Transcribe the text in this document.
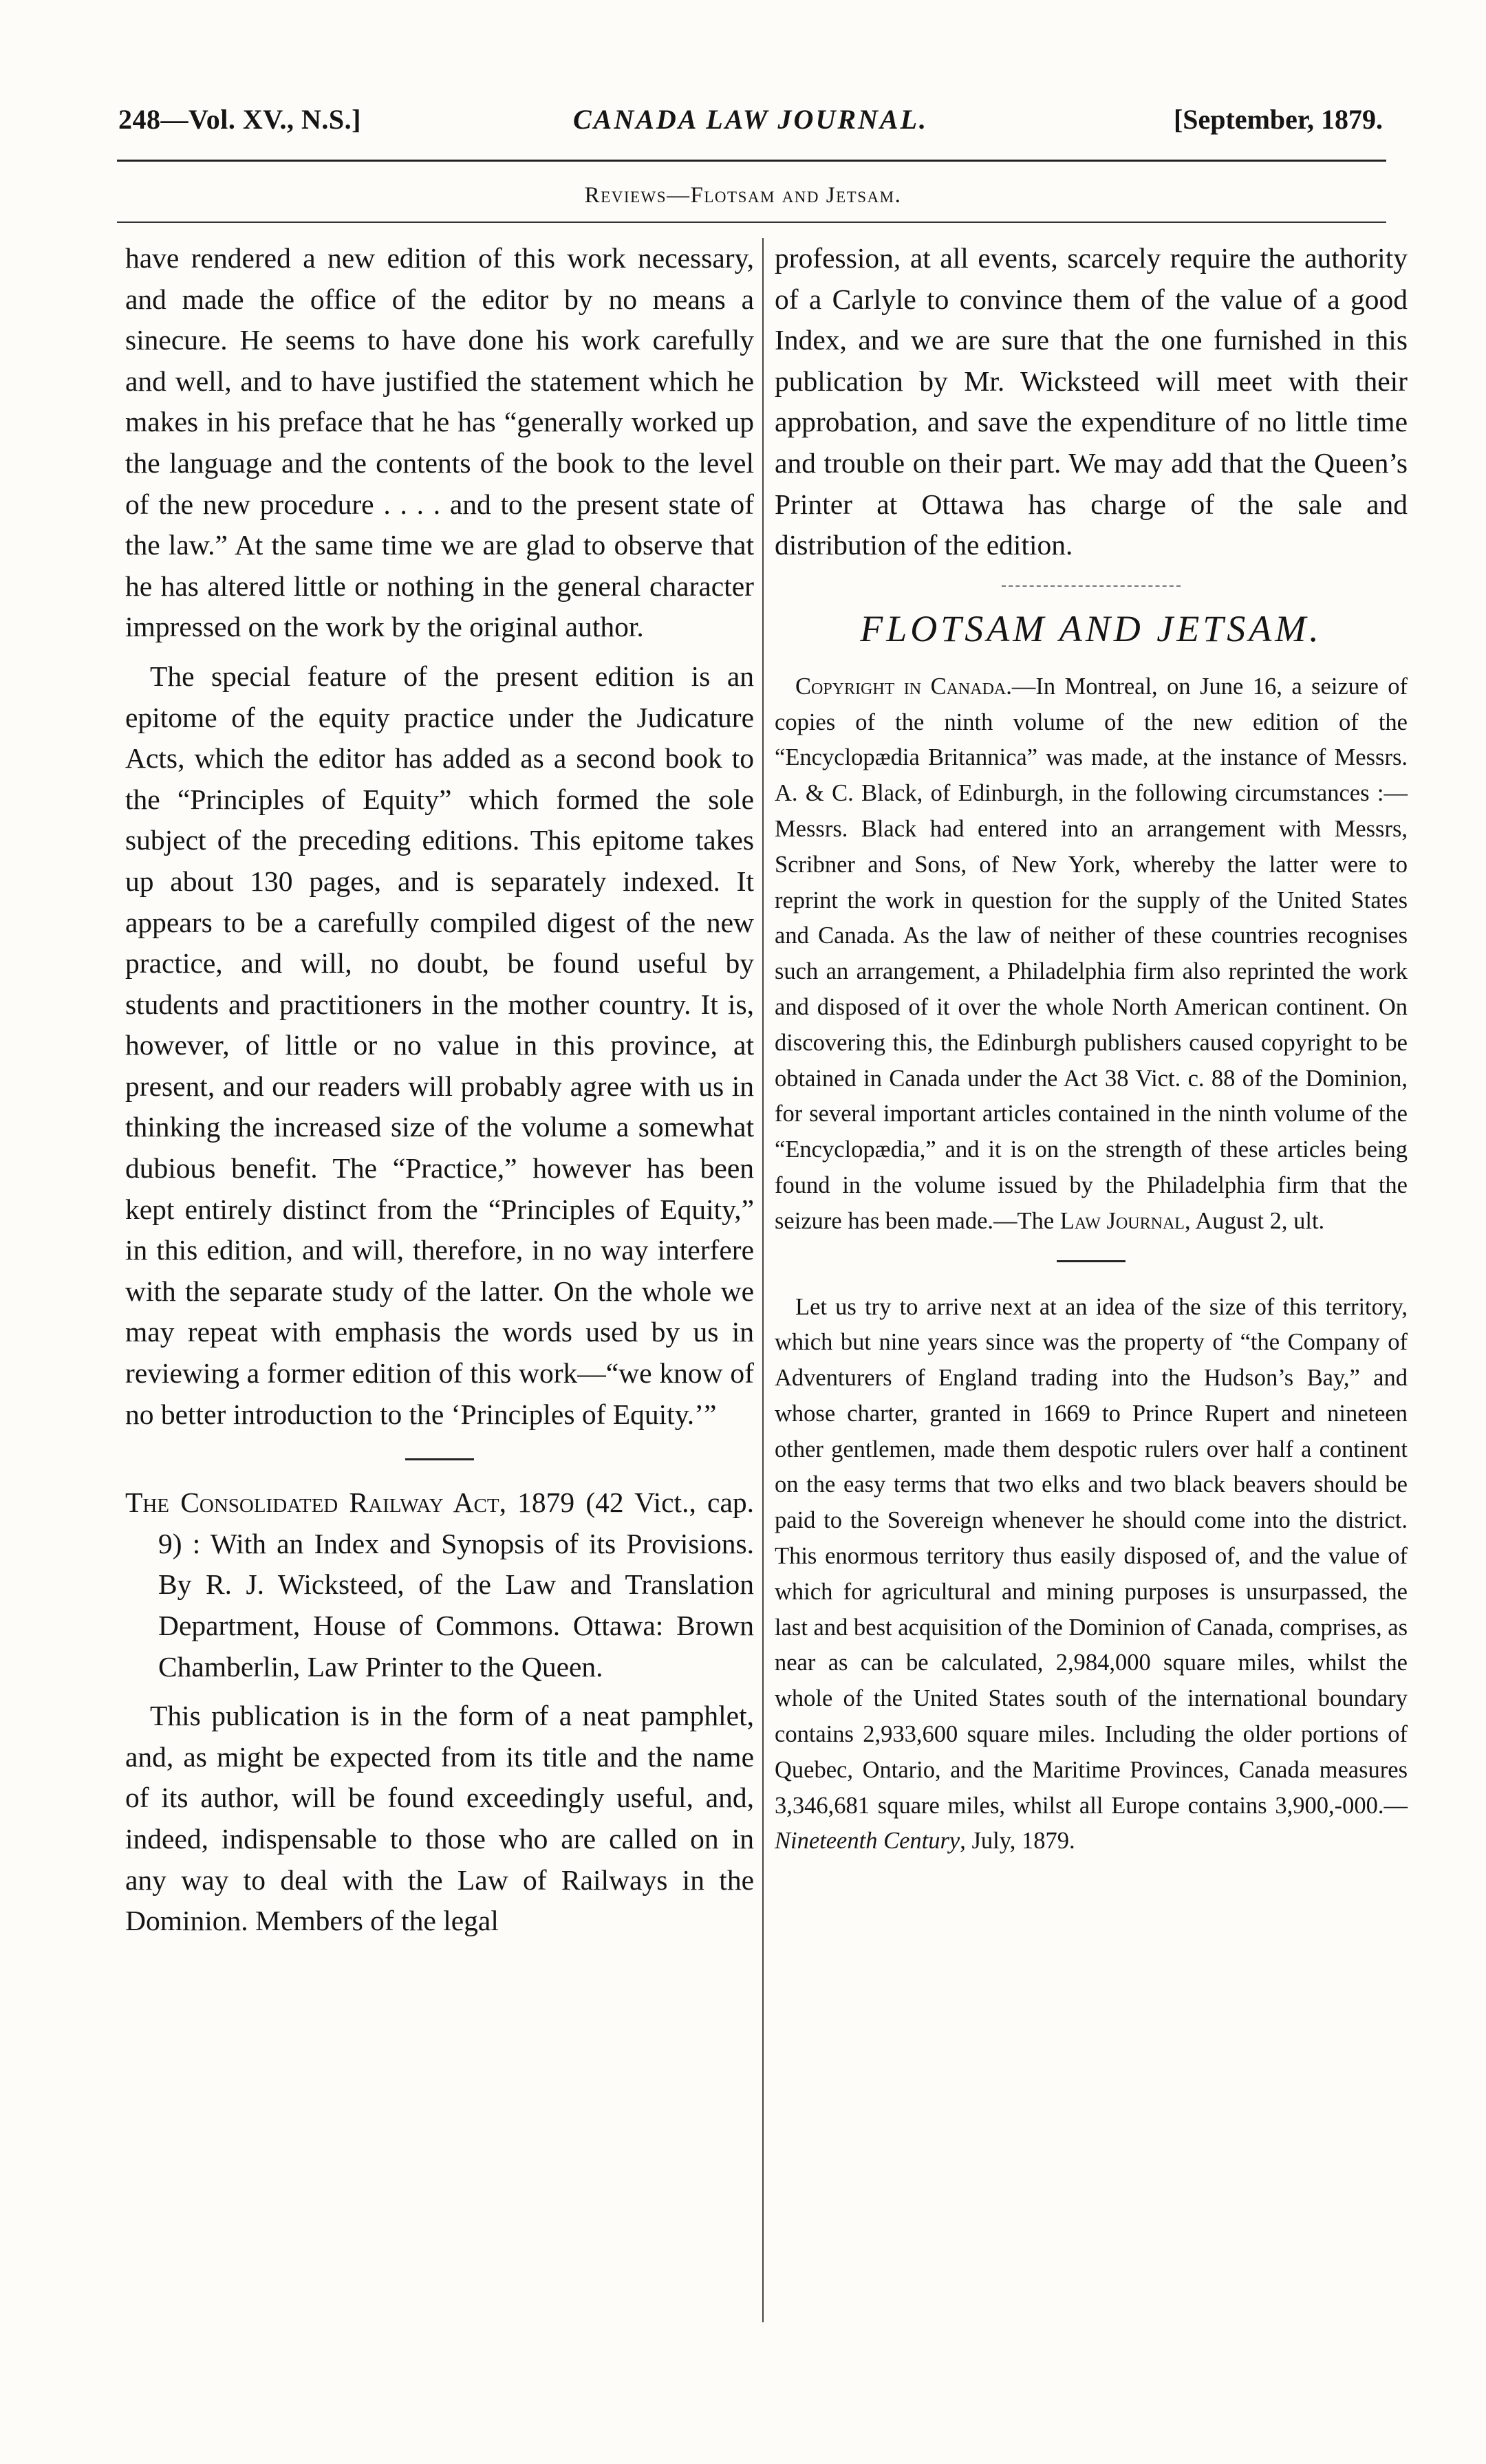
248—Vol. XV., N.S.]	CANADA LAW JOURNAL.	[September, 1879.
Reviews—Flotsam and Jetsam.

have rendered a new edition of this work necessary, and made the office of the editor by no means a sinecure. He seems to have done his work carefully and well, and to have justified the statement which he makes in his preface that he has “generally worked up the language and the contents of the book to the level of the new procedure . . . . and to the present state of the law.” At the same time we are glad to observe that he has altered little or nothing in the general character impressed on the work by the original author.

The special feature of the present edition is an epitome of the equity practice under the Judicature Acts, which the editor has added as a second book to the “Principles of Equity” which formed the sole subject of the preceding editions. This epitome takes up about 130 pages, and is separately indexed. It appears to be a carefully compiled digest of the new practice, and will, no doubt, be found useful by students and practitioners in the mother country. It is, however, of little or no value in this province, at present, and our readers will probably agree with us in thinking the increased size of the volume a somewhat dubious benefit. The “Practice,” however has been kept entirely distinct from the “Principles of Equity,” in this edition, and will, therefore, in no way interfere with the separate study of the latter. On the whole we may repeat with emphasis the words used by us in reviewing a former edition of this work—“we know of no better introduction to the ‘Principles of Equity.’”

The Consolidated Railway Act, 1879 (42 Vict., cap. 9) : With an Index and Synopsis of its Provisions. By R. J. Wicksteed, of the Law and Translation Department, House of Commons. Ottawa: Brown Chamberlin, Law Printer to the Queen.

This publication is in the form of a neat pamphlet, and, as might be expected from its title and the name of its author, will be found exceedingly useful, and, indeed, indispensable to those who are called on in any way to deal with the Law of Railways in the Dominion. Members of the legal

profession, at all events, scarcely require the authority of a Carlyle to convince them of the value of a good Index, and we are sure that the one furnished in this publication by Mr. Wicksteed will meet with their approbation, and save the expenditure of no little time and trouble on their part. We may add that the Queen’s Printer at Ottawa has charge of the sale and distribution of the edition.

FLOTSAM AND JETSAM.

Copyright in Canada.—In Montreal, on June 16, a seizure of copies of the ninth volume of the new edition of the “Encyclopædia Britannica” was made, at the instance of Messrs. A. & C. Black, of Edinburgh, in the following circumstances :—Messrs. Black had entered into an arrangement with Messrs, Scribner and Sons, of New York, whereby the latter were to reprint the work in question for the supply of the United States and Canada. As the law of neither of these countries recognises such an arrangement, a Philadelphia firm also reprinted the work and disposed of it over the whole North American continent. On discovering this, the Edinburgh publishers caused copyright to be obtained in Canada under the Act 38 Vict. c. 88 of the Dominion, for several important articles contained in the ninth volume of the “Encyclopædia,” and it is on the strength of these articles being found in the volume issued by the Philadelphia firm that the seizure has been made.—The Law Journal, August 2, ult.

Let us try to arrive next at an idea of the size of this territory, which but nine years since was the property of “the Company of Adventurers of England trading into the Hudson’s Bay,” and whose charter, granted in 1669 to Prince Rupert and nineteen other gentlemen, made them despotic rulers over half a continent on the easy terms that two elks and two black beavers should be paid to the Sovereign whenever he should come into the district. This enormous territory thus easily disposed of, and the value of which for agricultural and mining purposes is unsurpassed, the last and best acquisition of the Dominion of Canada, comprises, as near as can be calculated, 2,984,000 square miles, whilst the whole of the United States south of the international boundary contains 2,933,600 square miles. Including the older portions of Quebec, Ontario, and the Maritime Provinces, Canada measures 3,346,681 square miles, whilst all Europe contains 3,900,-000.—Nineteenth Century, July, 1879.
